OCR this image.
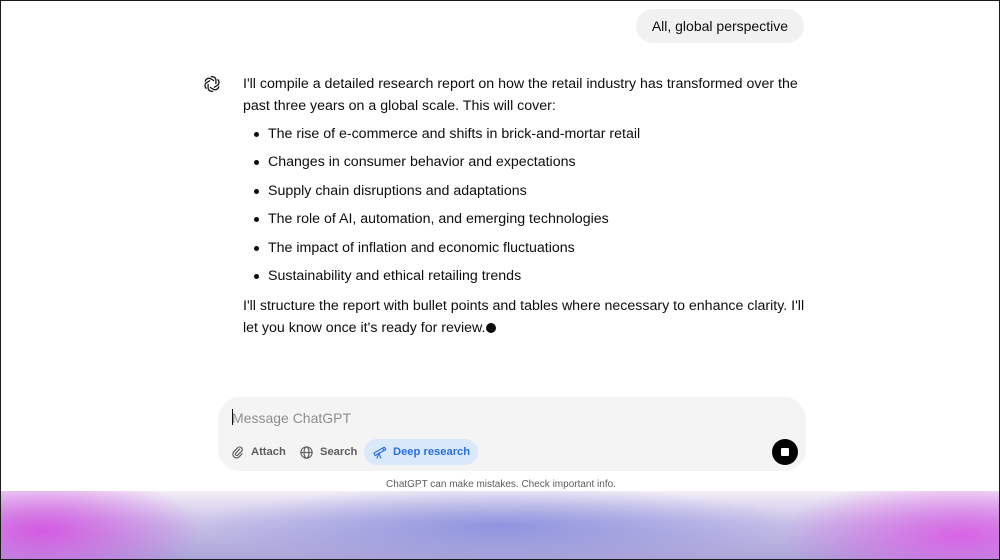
All, global perspective

I'll compile a detailed research report on how the retail industry has transformed over the past three years on a global scale. This will cover:

The rise of e-commerce and shifts in brick-and-mortar retail
Changes in consumer behavior and expectations
Supply chain disruptions and adaptations
The role of AI, automation, and emerging technologies
The impact of inflation and economic fluctuations
Sustainability and ethical retailing trends

I'll structure the report with bullet points and tables where necessary to enhance clarity. I'll let you know once it's ready for review.

Message ChatGPT
Attach	Search	Deep research
ChatGPT can make mistakes. Check important info.
